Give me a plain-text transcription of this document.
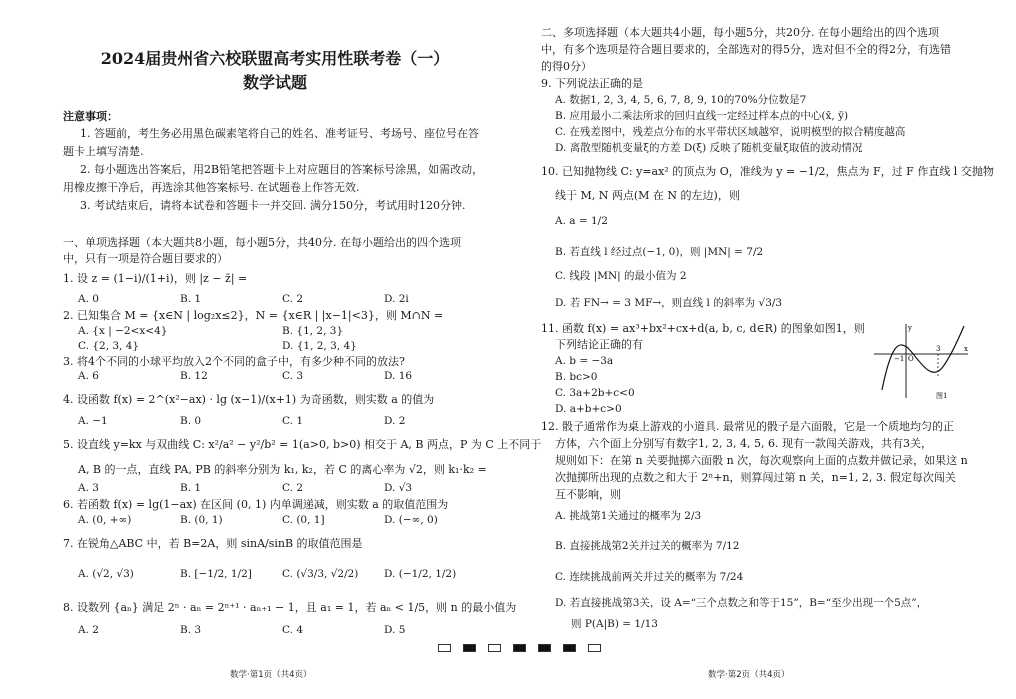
2024届贵州省六校联盟高考实用性联考卷（一）
数学试题
注意事项：
1. 答题前，考生务必用黑色碳素笔将自己的姓名、准考证号、考场号、座位号在答
题卡上填写清楚.
2. 每小题选出答案后，用2B铅笔把答题卡上对应题目的答案标号涂黑，如需改动，
用橡皮擦干净后，再选涂其他答案标号. 在试题卷上作答无效.
3. 考试结束后，请将本试卷和答题卡一并交回. 满分150分，考试用时120分钟.
一、单项选择题（本大题共8小题，每小题5分，共40分. 在每小题给出的四个选项
中，只有一项是符合题目要求的）
1. 设 z = (1−i)/(1+i)，则 |z − z̄| =
A. 0	B. 1	C. 2	D. 2i
2. 已知集合 M = {x∈N | log₂x≤2}，N = {x∈R | |x−1|<3}，则 M∩N =
A. {x | −2<x<4}	B. {1, 2, 3}
C. {2, 3, 4}	D. {1, 2, 3, 4}
3. 将4个不同的小球平均放入2个不同的盒子中，有多少种不同的放法?
A. 6	B. 12	C. 3	D. 16
4. 设函数 f(x) = 2^(x²−ax) · lg (x−1)/(x+1) 为奇函数，则实数 a 的值为
A. −1	B. 0	C. 1	D. 2
5. 设直线 y=kx 与双曲线 C: x²/a² − y²/b² = 1(a>0, b>0) 相交于 A, B 两点，P 为 C 上不同于
A, B 的一点，直线 PA, PB 的斜率分别为 k₁, k₂，若 C 的离心率为 √2，则 k₁·k₂ =
A. 3	B. 1	C. 2	D. √3
6. 若函数 f(x) = lg(1−ax) 在区间 (0, 1) 内单调递减，则实数 a 的取值范围为
A. (0, +∞)	B. (0, 1)	C. (0, 1]	D. (−∞, 0)
7. 在锐角△ABC 中，若 B=2A，则 sinA/sinB 的取值范围是
A. (√2, √3)	B. [−1/2, 1/2]	C. (√3/3, √2/2) D. (−1/2, 1/2)
8. 设数列 {aₙ} 满足 2ⁿ · aₙ = 2ⁿ⁺¹ · aₙ₊₁ − 1，且 a₁ = 1，若 aₙ < 1/5，则 n 的最小值为
A. 2	B. 3	C. 4	D. 5
数学·第1页（共4页）
二、多项选择题（本大题共4小题，每小题5分，共20分. 在每小题给出的四个选项
中，有多个选项是符合题目要求的，全部选对的得5分，选对但不全的得2分，有选错
的得0分）
9. 下列说法正确的是
A. 数据1, 2, 3, 4, 5, 6, 7, 8, 9, 10的70%分位数是7
B. 应用最小二乘法所求的回归直线一定经过样本点的中心(x̄, ȳ)
C. 在残差图中，残差点分布的水平带状区域越窄，说明模型的拟合精度越高
D. 离散型随机变量ξ的方差 D(ξ) 反映了随机变量ξ取值的波动情况
10. 已知抛物线 C: y=ax² 的顶点为 O，准线为 y = −1/2，焦点为 F，过 F 作直线 l 交抛物
线于 M, N 两点(M 在 N 的左边)，则
A. a = 1/2
B. 若直线 l 经过点(−1, 0)，则 |MN| = 7/2
C. 线段 |MN| 的最小值为 2
D. 若 FN→ = 3 MF→，则直线 l 的斜率为 √3/3
11. 函数 f(x) = ax³+bx²+cx+d(a, b, c, d∈R) 的图象如图1，则
下列结论正确的有
A. b = −3a
B. bc>0
C. 3a+2b+c<0
D. a+b+c>0
12. 骰子通常作为桌上游戏的小道具. 最常见的骰子是六面骰，它是一个质地均匀的正
方体，六个面上分别写有数字1, 2, 3, 4, 5, 6. 现有一款闯关游戏，共有3关，
规则如下：在第 n 关要抛掷六面骰 n 次，每次观察向上面的点数并做记录，如果这 n
次抛掷所出现的点数之和大于 2ⁿ+n，则算闯过第 n 关，n=1, 2, 3. 假定每次闯关
互不影响，则
A. 挑战第1关通过的概率为 2/3
B. 直接挑战第2关并过关的概率为 7/12
C. 连续挑战前两关并过关的概率为 7/24
D. 若直接挑战第3关，设 A=“三个点数之和等于15”，B=“至少出现一个5点”，
则 P(A|B) = 1/13
数学·第2页（共4页）
y
x
−1 O
3
图1
